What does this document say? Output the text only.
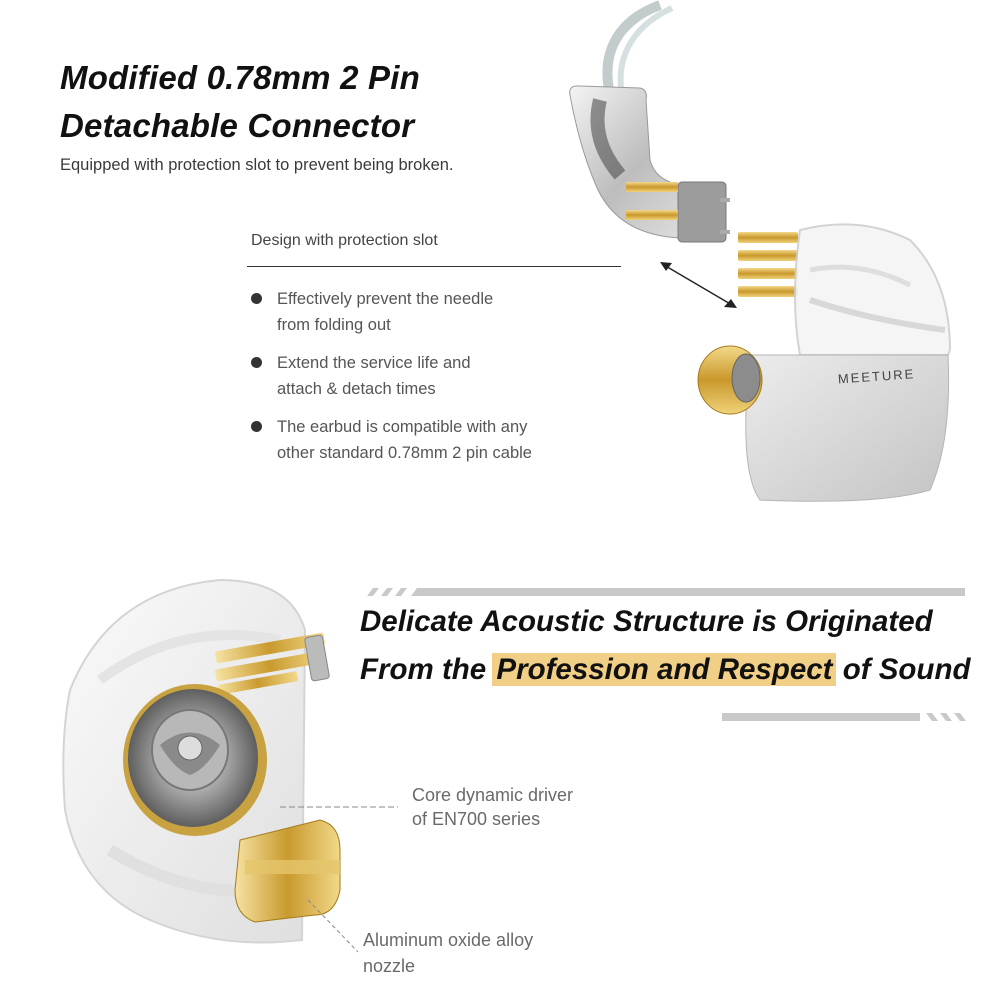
Modified 0.78mm 2 Pin
Detachable Connector
Equipped with protection slot to prevent being broken.
Design with protection slot
Effectively prevent the needle
from folding out
Extend the service life and
attach & detach times
The earbud is compatible with any
other standard 0.78mm 2 pin cable
MEETURE
Delicate Acoustic Structure is Originated
From the Profession and Respect of Sound
Core dynamic driver
of EN700 series
Aluminum oxide alloy
nozzle
